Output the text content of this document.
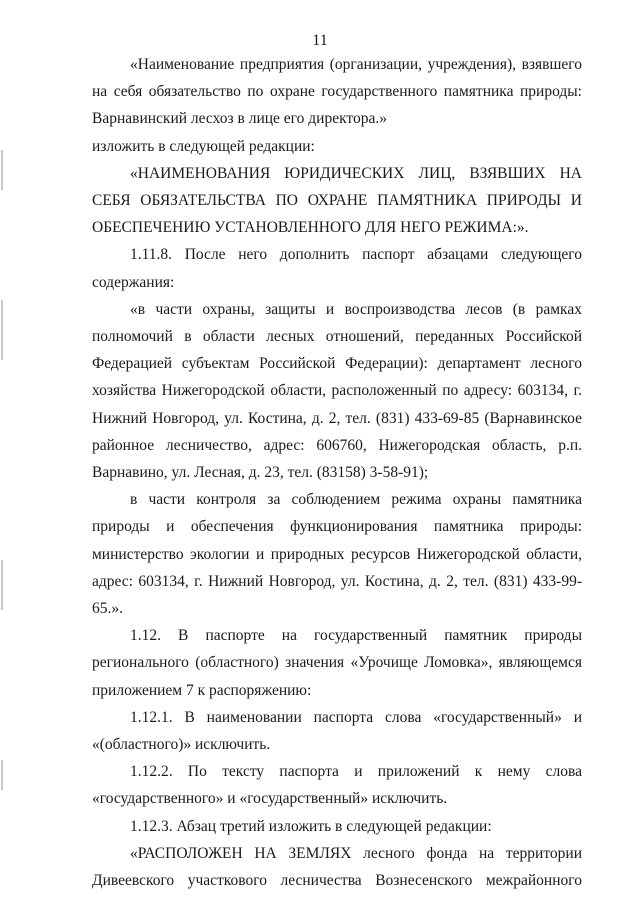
11

«Наименование предприятия (организации, учреждения), взявшего на себя обязательство по охране государственного памятника природы: Варнавинский лесхоз в лице его директора.»

изложить в следующей редакции:

«НАИМЕНОВАНИЯ ЮРИДИЧЕСКИХ ЛИЦ, ВЗЯВШИХ НА СЕБЯ ОБЯЗАТЕЛЬСТВА ПО ОХРАНЕ ПАМЯТНИКА ПРИРОДЫ И ОБЕСПЕЧЕНИЮ УСТАНОВЛЕННОГО ДЛЯ НЕГО РЕЖИМА:».

1.11.8. После него дополнить паспорт абзацами следующего содержания:

«в части охраны, защиты и воспроизводства лесов (в рамках полномочий в области лесных отношений, переданных Российской Федерацией субъектам Российской Федерации): департамент лесного хозяйства Нижегородской области, расположенный по адресу: 603134, г. Нижний Новгород, ул. Костина, д. 2, тел. (831) 433-69-85 (Варнавинское районное лесничество, адрес: 606760, Нижегородская область, р.п. Варнавино, ул. Лесная, д. 23, тел. (83158) 3-58-91);

в части контроля за соблюдением режима охраны памятника природы и обеспечения функционирования памятника природы: министерство экологии и природных ресурсов Нижегородской области, адрес: 603134, г. Нижний Новгород, ул. Костина, д. 2, тел. (831) 433-99-65.».

1.12. В паспорте на государственный памятник природы регионального (областного) значения «Урочище Ломовка», являющемся приложением 7 к распоряжению:

1.12.1. В наименовании паспорта слова «государственный» и «(областного)» исключить.

1.12.2. По тексту паспорта и приложений к нему слова «государственного» и «государственный» исключить.

1.12.3. Абзац третий изложить в следующей редакции:

«РАСПОЛОЖЕН НА ЗЕМЛЯХ лесного фонда на территории Дивеевского участкового лесничества Вознесенского межрайонного
